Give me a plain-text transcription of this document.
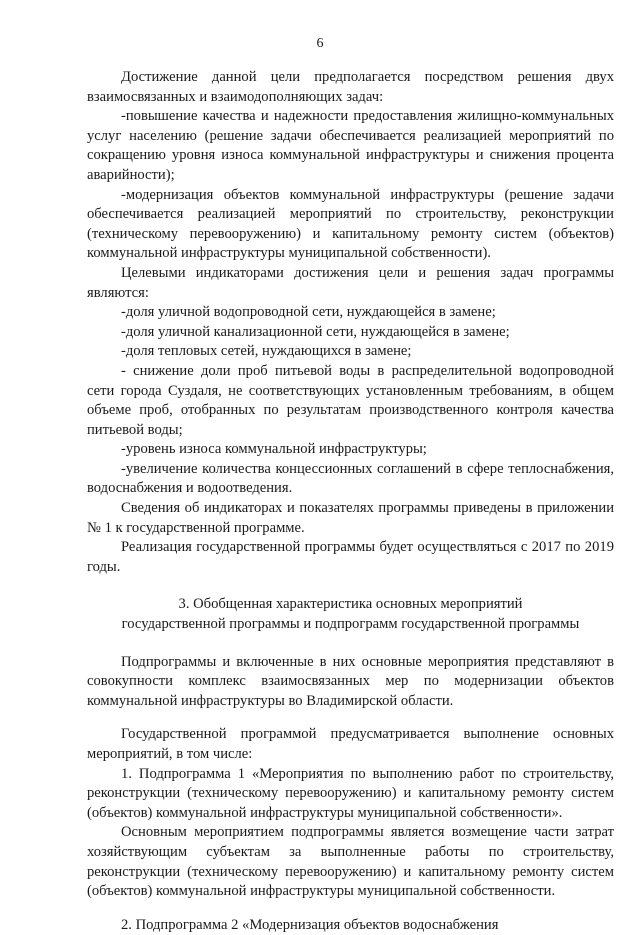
6

Достижение данной цели предполагается посредством решения двух взаимосвязанных и взаимодополняющих задач:

-повышение качества и надежности предоставления жилищно-коммунальных услуг населению (решение задачи обеспечивается реализацией мероприятий по сокращению уровня износа коммунальной инфраструктуры и снижения процента аварийности);

-модернизация объектов коммунальной инфраструктуры (решение задачи обеспечивается реализацией мероприятий по строительству, реконструкции (техническому перевооружению) и капитальному ремонту систем (объектов) коммунальной инфраструктуры муниципальной собственности).

Целевыми индикаторами достижения цели и решения задач программы являются:

-доля уличной водопроводной сети, нуждающейся в замене;

-доля уличной канализационной сети, нуждающейся в замене;

-доля тепловых сетей, нуждающихся в замене;

- снижение доли проб питьевой воды в распределительной водопроводной сети города Суздаля, не соответствующих установленным требованиям, в общем объеме проб, отобранных по результатам производственного контроля качества питьевой воды;

-уровень износа коммунальной инфраструктуры;

-увеличение количества концессионных соглашений в сфере теплоснабжения, водоснабжения и водоотведения.

Сведения об индикаторах и показателях программы приведены в приложении № 1 к государственной программе.

Реализация государственной программы будет осуществляться с 2017 по 2019 годы.

3. Обобщенная характеристика основных мероприятий

государственной программы и подпрограмм государственной программы

Подпрограммы и включенные в них основные мероприятия представляют в совокупности комплекс взаимосвязанных мер по модернизации объектов коммунальной инфраструктуры во Владимирской области.

Государственной программой предусматривается выполнение основных мероприятий, в том числе:

1. Подпрограмма 1 «Мероприятия по выполнению работ по строительству, реконструкции (техническому перевооружению) и капитальному ремонту систем (объектов) коммунальной инфраструктуры муниципальной собственности».

Основным мероприятием подпрограммы является возмещение части затрат хозяйствующим субъектам за выполненные работы по строительству, реконструкции (техническому перевооружению) и капитальному ремонту систем (объектов) коммунальной инфраструктуры муниципальной собственности.

2. Подпрограмма 2 «Модернизация объектов водоснабжения
